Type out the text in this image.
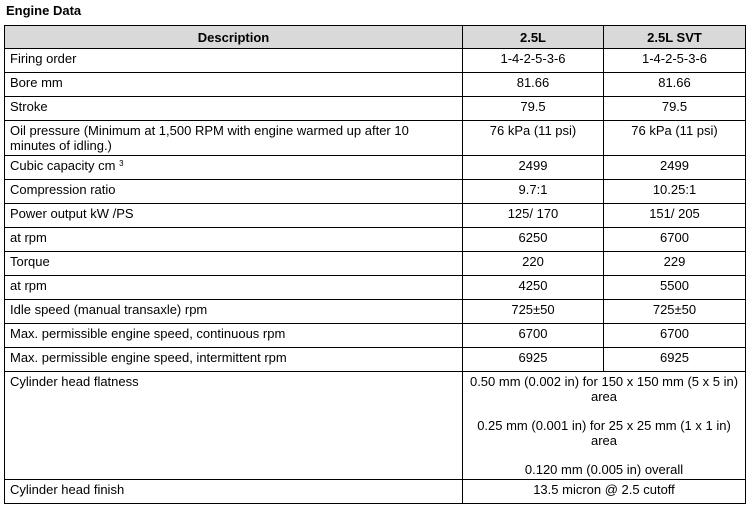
Engine Data
Description	2.5L	2.5L SVT
Firing order	1-4-2-5-3-6	1-4-2-5-3-6
Bore mm	81.66	81.66
Stroke	79.5	79.5
Oil pressure (Minimum at 1,500 RPM with engine warmed up after 10 minutes of idling.)	76 kPa (11 psi)	76 kPa (11 psi)
Cubic capacity cm $^3$	2499	2499
Compression ratio	9.7:1	10.25:1
Power output kW /PS	125/ 170	151/ 205
at rpm	6250	6700
Torque	220	229
at rpm	4250	5500
Idle speed (manual transaxle) rpm	725±50	725±50
Max. permissible engine speed, continuous rpm	6700	6700
Max. permissible engine speed, intermittent rpm	6925	6925
Cylinder head flatness	0.50 mm (0.002 in) for 150 x 150 mm (5 x 5 in) area
0.25 mm (0.001 in) for 25 x 25 mm (1 x 1 in) area
0.120 mm (0.005 in) overall	

Cylinder head finish	13.5 micron @ 2.5 cutoff	
